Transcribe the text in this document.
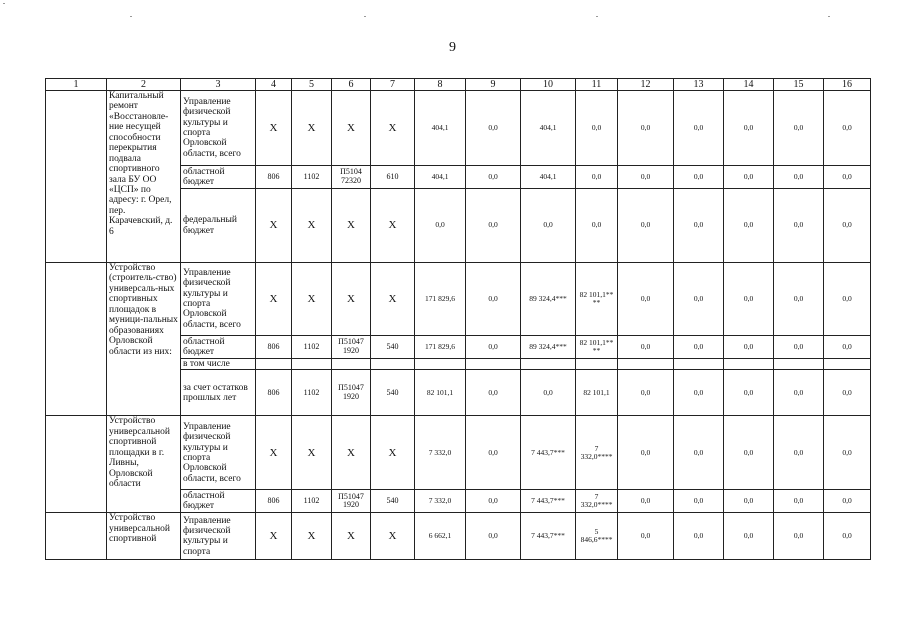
9
1	2	3	4	5	6	7	8	9	10	11	12	13	14	15	16
	Капитальный ремонт «Восстановле-ние несущей способности перекрытия подвала спортивного зала БУ ОО «ЦСП» по адресу: г. Орел, пер. Карачевский, д. 6	Управление физической культуры и спорта Орловской области, всего	X	X	X	X	404,1	0,0	404,1	0,0	0,0	0,0	0,0	0,0	0,0
		областной бюджет	806	1102	П5104 72320	610	404,1	0,0	404,1	0,0	0,0	0,0	0,0	0,0	0,0
		федеральный бюджет	X	X	X	X	0,0	0,0	0,0	0,0	0,0	0,0	0,0	0,0	0,0
	Устройство (строитель-ство) универсаль-ных спортивных площадок в муници-пальных образованиях Орловской области из них:	Управление физической культуры и спорта Орловской области, всего	X	X	X	X	171 829,6	0,0	89 324,4***	82 101,1** **	0,0	0,0	0,0	0,0	0,0
		областной бюджет	806	1102	П51047 1920	540	171 829,6	0,0	89 324,4***	82 101,1** **	0,0	0,0	0,0	0,0	0,0
		в том числе													
		за счет остатков прошлых лет	806	1102	П51047 1920	540	82 101,1	0,0	0,0	82 101,1	0,0	0,0	0,0	0,0	0,0
	Устройство универсальной спортивной площадки в г. Ливны, Орловской области	Управление физической культуры и спорта Орловской области, всего	X	X	X	X	7 332,0	0,0	7 443,7***	7 332,0****	0,0	0,0	0,0	0,0	0,0
		областной бюджет	806	1102	П51047 1920	540	7 332,0	0,0	7 443,7***	7 332,0****	0,0	0,0	0,0	0,0	0,0
	Устройство универсальной спортивной	Управление физической культуры и спорта	X	X	X	X	6 662,1	0,0	7 443,7***	5 846,6****	0,0	0,0	0,0	0,0	0,0
